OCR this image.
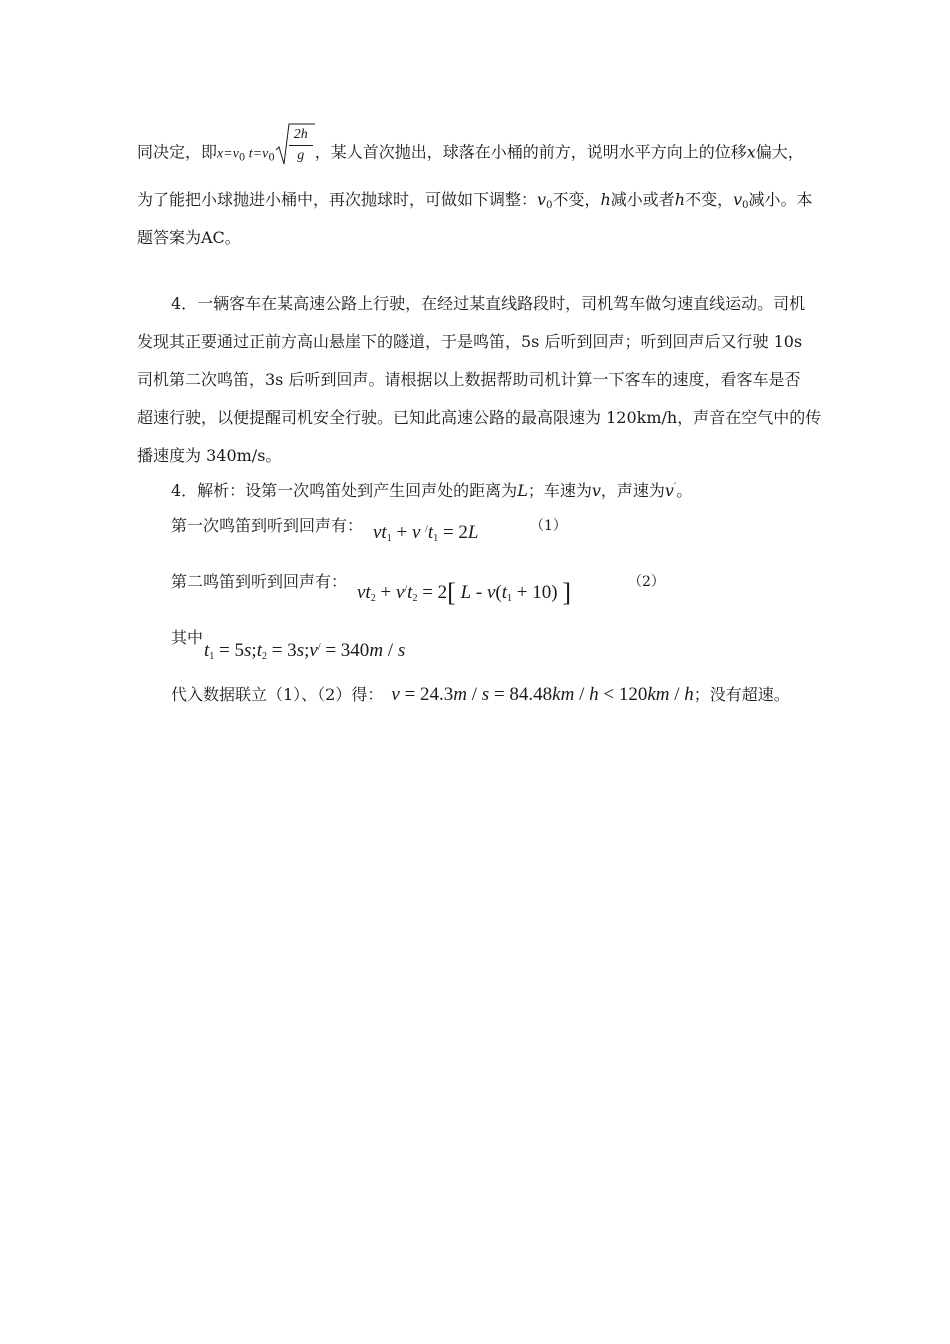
同决定，即$x=v_0$ $t=v_0$
2h
g ，某人首次抛出，球落在小桶的前方，说明水平方向上的位移x偏大，
为了能把小球抛进小桶中，再次抛球时，可做如下调整：$v_0$不变，h减小或者h不变，$v_0$减小。本
题答案为AC。
4．一辆客车在某高速公路上行驶，在经过某直线路段时，司机驾车做匀速直线运动。司机
发现其正要通过正前方高山悬崖下的隧道，于是鸣笛，5s 后听到回声；听到回声后又行驶 10s
司机第二次鸣笛，3s 后听到回声。请根据以上数据帮助司机计算一下客车的速度，看客车是否
超速行驶，以便提醒司机安全行驶。已知此高速公路的最高限速为 120km/h，声音在空气中的传
播速度为 340m/s。
4．解析：设第一次鸣笛处到产生回声处的距离为L；车速为v，声速为v′。
第一次鸣笛到听到回声有： $vt_1 + v$ $^/t_1 = 2L$	（1）
第二鸣笛到听到回声有：
$vt_2 + v^/t_2 = 2$[ $L - v(t_1 + 10)$ ]	（2）
其中
$t_1$ = $5s;t_2$ = 3s;v/ = 340m / s
代入数据联立（1）、（2）得： v = 24.3m / s = 84.48km / h < 120km / h；没有超速。
